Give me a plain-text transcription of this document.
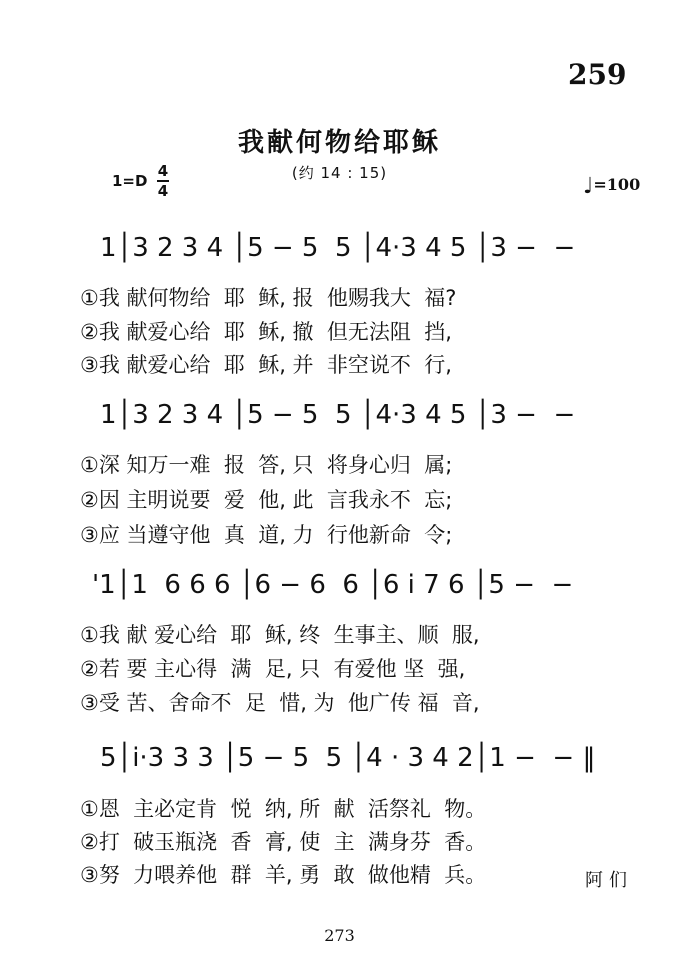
259
我献何物给耶稣
(约 14 : 15)
1=D
4
4	♩=100
1│3 2 3 4 │5 − 5  5 │4·3 4 5 │3 −  −
①我 献何物给  耶  稣, 报  他赐我大  福?
②我 献爱心给  耶  稣, 撤  但无法阻  挡,
③我 献爱心给  耶  稣, 并  非空说不  行,
1│3 2 3 4 │5 − 5  5 │4·3 4 5 │3 −  −
①深 知万一难  报  答, 只  将身心归  属;
②因 主明说要  爱  他, 此  言我永不  忘;
③应 当遵守他  真  道, 力  行他新命  令;
'1│1  6 6 6 │6 − 6  6 │6 i 7 6 │5 −  −
①我 献 爱心给  耶  稣, 终  生事主、顺  服,
②若 要 主心得  满  足, 只  有爱他 坚  强,
③受 苦、舍命不  足  惜, 为  他广传 福  音,
5│i·3 3 3 │5 − 5  5 │4 · 3 4 2│1 −  − ‖
①恩  主必定肯  悦  纳, 所  献  活祭礼  物。
②打  破玉瓶浇  香  膏, 使  主  满身芬  香。
③努  力喂养他  群  羊, 勇  敢  做他精  兵。	阿们
273
